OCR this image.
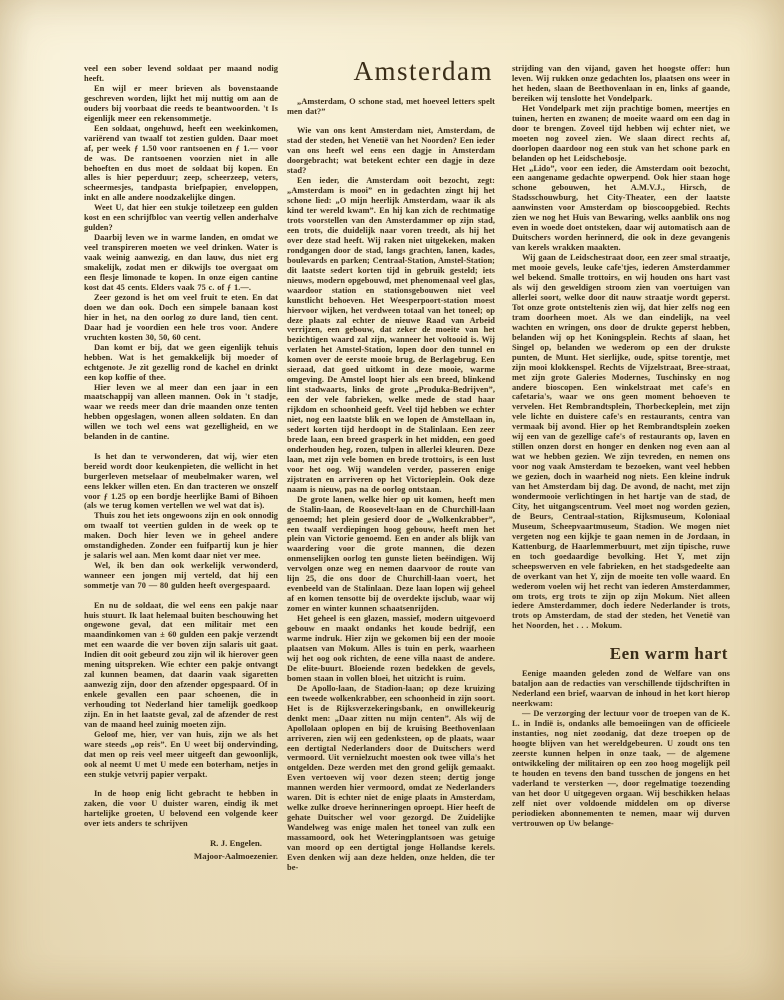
veel een sober levend soldaat per maand nodig heeft.

En wijl er meer brieven als bovenstaande geschreven worden, lijkt het mij nuttig om aan de ouders bij voorbaat die reeds te beantwoorden. 't Is eigenlijk meer een rekensommetje.

Een soldaat, ongehuwd, heeft een weekinkomen, variërend van twaalf tot zestien gulden. Daar moet af, per week ƒ 1.50 voor rantsoenen en ƒ 1.— voor de was. De rantsoenen voorzien niet in alle behoeften en dus moet de soldaat bij kopen. En alles is hier peperduur; zeep, scheerzeep, veters, scheermesjes, tandpasta briefpapier, enveloppen, inkt en alle andere noodzakelijke dingen.

Weet U, dat hier een stukje toiletzeep een gulden kost en een schrijfbloc van veertig vellen anderhalve gulden?

Daarbij leven we in warme landen, en omdat we veel transpireren moeten we veel drinken. Water is vaak weinig aanwezig, en dan lauw, dus niet erg smakelijk, zodat men er dikwijls toe overgaat om een flesje limonade te kopen. In onze eigen cantine kost dat 45 cents. Elders vaak 75 c. of ƒ 1.—.

Zeer gezond is het om veel fruit te eten. En dat doen we dan ook. Doch een simpele banaan kost hier in het, na den oorlog zo dure land, tien cent. Daar had je voordien een hele tros voor. Andere vruchten kosten 30, 50, 60 cent.

Dan komt er bij, dat we geen eigenlijk tehuis hebben. Wat is het gemakkelijk bij moeder of echtgenote. Je zit gezellig rond de kachel en drinkt een kop koffie of thee.

Hier leven we al meer dan een jaar in een maatschappij van alleen mannen. Ook in 't stadje, waar we reeds meer dan drie maanden onze tenten hebben opgeslagen, wonen alleen soldaten. En dan willen we toch wel eens wat gezelligheid, en we belanden in de cantine.

Is het dan te verwonderen, dat wij, wier eten bereid wordt door keukenpieten, die wellicht in het burgerleven metselaar of meubelmaker waren, wel eens lekker willen eten. En dan tracteren we onszelf voor ƒ 1.25 op een bordje heerlijke Bami of Bihoen (als we terug komen vertellen we wel wat dat is).

Thuis zou het iets ongewoons zijn en ook onnodig om twaalf tot veertien gulden in de week op te maken. Doch hier leven we in geheel andere omstandigheden. Zonder een fuifpartij kun je hier je salaris wel aan. Men komt daar niet ver mee.

Wel, ik ben dan ook werkelijk verwonderd, wanneer een jongen mij verteld, dat hij een sommetje van 70 — 80 gulden heeft overgespaard.

En nu de soldaat, die wel eens een pakje naar huis stuurt. Ik laat helemaal buiten beschouwing het ongewone geval, dat een militair met een maandinkomen van ± 60 gulden een pakje verzendt met een waarde die ver boven zijn salaris uit gaat. Indien dit ooit gebeurd zou zijn wil ik hierover geen mening uitspreken. Wie echter een pakje ontvangt zal kunnen beamen, dat daarin vaak sigaretten aanwezig zijn, door den afzender opgespaard. Of in enkele gevallen een paar schoenen, die in verhouding tot Nederland hier tamelijk goedkoop zijn. En in het laatste geval, zal de afzender de rest van de maand heel zuinig moeten zijn.

Geloof me, hier, ver van huis, zijn we als het ware steeds „op reis”. En U weet bij ondervinding, dat men op reis veel meer uitgeeft dan gewoonlijk, ook al neemt U met U mede een boterham, netjes in een stukje vetvrij papier verpakt.

In de hoop enig licht gebracht te hebben in zaken, die voor U duister waren, eindig ik met hartelijke groeten, U belovend een volgende keer over iets anders te schrijven

R. J. Engelen.

Majoor-Aalmoezenier.

Amsterdam

„Amsterdam, O schone stad, met hoeveel letters spelt men dat?”

Wie van ons kent Amsterdam niet, Amsterdam, de stad der steden, het Venetië van het Noorden? Een ieder van ons heeft wel eens een dagje in Amsterdam doorgebracht; wat betekent echter een dagje in deze stad?

Een ieder, die Amsterdam ooit bezocht, zegt: „Amsterdam is mooi” en in gedachten zingt hij het schone lied: „O mijn heerlijk Amsterdam, waar ik als kind ter wereld kwam”. En hij kan zich de rechtmatige trots voorstellen van den Amsterdammer op zijn stad, een trots, die duidelijk naar voren treedt, als hij het over deze stad heeft. Wij raken niet uitgekeken, maken rondgangen door de stad, langs grachten, lanen, kades, boulevards en parken; Centraal-Station, Amstel-Station; dit laatste sedert korten tijd in gebruik gesteld; iets nieuws, modern opgebouwd, met phenomenaal veel glas, waardoor station en stationsgebouwen niet veel kunstlicht behoeven. Het Weesperpoort-station moest hiervoor wijken, het verdween totaal van het toneel; op deze plaats zal echter de nieuwe Raad van Arbeid verrijzen, een gebouw, dat zeker de moeite van het bezichtigen waard zal zijn, wanneer het voltooid is. Wij verlaten het Amstel-Station, lopen door den tunnel en komen over de eerste mooie brug, de Berlagebrug. Een sieraad, dat goed uitkomt in deze mooie, warme omgeving. De Amstel loopt hier als een breed, blinkend lint stadwaarts, links de grote „Produka-Bedrijven”, een der vele fabrieken, welke mede de stad haar rijkdom en schoonheid geeft. Veel tijd hebben we echter niet, nog een laatste blik en we lopen de Amstellaan in, sedert korten tijd herdoopt in de Stalinlaan. Een zeer brede laan, een breed grasperk in het midden, een goed onderhouden heg, rozen, tulpen in allerlei kleuren. Deze laan, met zijn vele bomen en brede trottoirs, is een lust voor het oog. Wij wandelen verder, passeren enige zijstraten en arriveren op het Victorieplein. Ook deze naam is nieuw, pas na de oorlog ontstaan.

De grote lanen, welke hier op uit komen, heeft men de Stalin-laan, de Roosevelt-laan en de Churchill-laan genoemd; het plein gesierd door de „Wolkenkrabber”, een twaalf verdiepingen hoog gebouw, heeft men het plein van Victorie genoemd. Een en ander als blijk van waardering voor die grote mannen, die dezen onmenselijken oorlog ten gunste lieten beëindigen. Wij vervolgen onze weg en nemen daarvoor de route van lijn 25, die ons door de Churchill-laan voert, het evenbeeld van de Stalinlaan. Deze laan lopen wij geheel af en komen tensotte bij de overdekte ijsclub, waar wij zomer en winter kunnen schaatsenrijden.

Het geheel is een glazen, massief, modern uitgevoerd gebouw en maakt ondanks het koude bedrijf, een warme indruk. Hier zijn we gekomen bij een der mooie plaatsen van Mokum. Alles is tuin en perk, waarheen wij het oog ook richten, de eene villa naast de andere. De elite-buurt. Bloeiende rozen bedekken de gevels, bomen staan in vollen bloei, het uitzicht is ruim.

De Apollo-laan, de Stadion-laan; op deze kruizing een tweede wolkenkrabber, een schoonheid in zijn soort. Het is de Rijksverzekeringsbank, en onwillekeurig denkt men: „Daar zitten nu mijn centen”. Als wij de Apollolaan oplopen en bij de kruising Beethovenlaan arriveren, zien wij een gedenksteen, op de plaats, waar een dertigtal Nederlanders door de Duitschers werd vermoord. Uit vernielzucht moesten ook twee villa's het ontgelden. Deze werden met den grond gelijk gemaakt. Even vertoeven wij voor dezen steen; dertig jonge mannen werden hier vermoord, omdat ze Nederlanders waren. Dit is echter niet de enige plaats in Amsterdam, welke zulke droeve herinneringen oproept. Hier heeft de gehate Duitscher wel voor gezorgd. De Zuidelijke Wandelweg was enige malen het toneel van zulk een massamoord, ook het Weteringplantsoen was getuige van moord op een dertigtal jonge Hollandse kerels. Even denken wij aan deze helden, onze helden, die ter be-

strijding van den vijand, gaven het hoogste offer: hun leven. Wij rukken onze gedachten los, plaatsen ons weer in het heden, slaan de Beethovenlaan in en, links af gaande, bereiken wij tenslotte het Vondelpark.

Het Vondelpark met zijn prachtige bomen, meertjes en tuinen, herten en zwanen; de moeite waard om een dag in door te brengen. Zoveel tijd hebben wij echter niet, we moeten nog zoveel zien. We slaan direct rechts af, doorlopen daardoor nog een stuk van het schone park en belanden op het Leidschebosje.

Het „Lido”, voor een ieder, die Amsterdam ooit bezocht, een aangename gedachte opwerpend. Ook hier staan hoge schone gebouwen, het A.M.V.J., Hirsch, de Stadsschouwburg, het City-Theater, een der laatste aanwinsten voor Amsterdam op bioscoopgebied. Rechts zien we nog het Huis van Bewaring, welks aanblik ons nog even in woede doet ontsteken, daar wij automatisch aan de Duitschers worden herinnerd, die ook in deze gevangenis van kerels wrakken maakten.

Wij gaan de Leidschestraat door, een zeer smal straatje, met mooie gevels, leuke cafe'tjes, iederen Amsterdammer wel bekend. Smalle trottoirs, en wij houden ons hart vast als wij den geweldigen stroom zien van voertuigen van allerlei soort, welke door dit nauw straatje wordt geperst. Tot onze grote ontsteltenis zien wij, dat hier zelfs nog een tram doorheen moet. Als we dan eindelijk, na veel wachten en wringen, ons door de drukte geperst hebben, belanden wij op het Koningsplein. Rechts af slaan, het Singel op, belanden we wederom op een der drukste punten, de Munt. Het sierlijke, oude, spitse torentje, met zijn mooi klokkenspel. Rechts de Vijzelstraat, Bree-straat, met zijn grote Galeries Modernes, Tuschinsky en nog andere bioscopen. Een winkelstraat met cafe's en cafetaria's, waar we ons geen moment behoeven te vervelen. Het Rembrandtsplein, Thorbeckeplein, met zijn vele lichte en duistere cafe's en restaurants, centra van vermaak bij avond. Hier op het Rembrandtsplein zoeken wij een van de gezellige cafe's of restaurants op, laven en stillen onzen dorst en honger en denken nog even aan al wat we hebben gezien. We zijn tevreden, en nemen ons voor nog vaak Amsterdam te bezoeken, want veel hebben we gezien, doch in waarheid nog niets. Een kleine indruk van het Amsterdam bij dag. De avond, de nacht, met zijn wondermooie verlichtingen in het hartje van de stad, de City, het uitgangscentrum. Veel moet nog worden gezien, de Beurs, Centraal-station, Rijksmuseum, Koloniaal Museum, Scheepvaartmuseum, Stadion. We mogen niet vergeten nog een kijkje te gaan nemen in de Jordaan, in Kattenburg, de Haarlemmerbuurt, met zijn tipische, ruwe en toch goedaardige bevolking. Het Y, met zijn scheepswerven en vele fabrieken, en het stadsgedeelte aan de overkant van het Y, zijn de moeite ten volle waard. En wederom voelen wij het recht van iederen Amsterdammer, om trots, erg trots te zijn op zijn Mokum. Niet alleen iedere Amsterdammer, doch iedere Nederlander is trots, trots op Amsterdam, de stad der steden, het Venetië van het Noorden, het . . . Mokum.

Een warm hart

Eenige maanden geleden zond de Welfare van ons bataljon aan de redacties van verschillende tijdschriften in Nederland een brief, waarvan de inhoud in het kort hierop neerkwam:

— De verzorging der lectuur voor de troepen van de K. L. in Indië is, ondanks alle bemoeiingen van de officieele instanties, nog niet zoodanig, dat deze troepen op de hoogte blijven van het wereldgebeuren. U zoudt ons ten zeerste kunnen helpen in onze taak, — de algemene ontwikkeling der militairen op een zoo hoog mogelijk peil te houden en tevens den band tusschen de jongens en het vaderland te versterken —, door regelmatige toezending van het door U uitgegeven orgaan. Wij beschikken helaas zelf niet over voldoende middelen om op diverse periodieken abonnementen te nemen, maar wij durven vertrouwen op Uw belange-
